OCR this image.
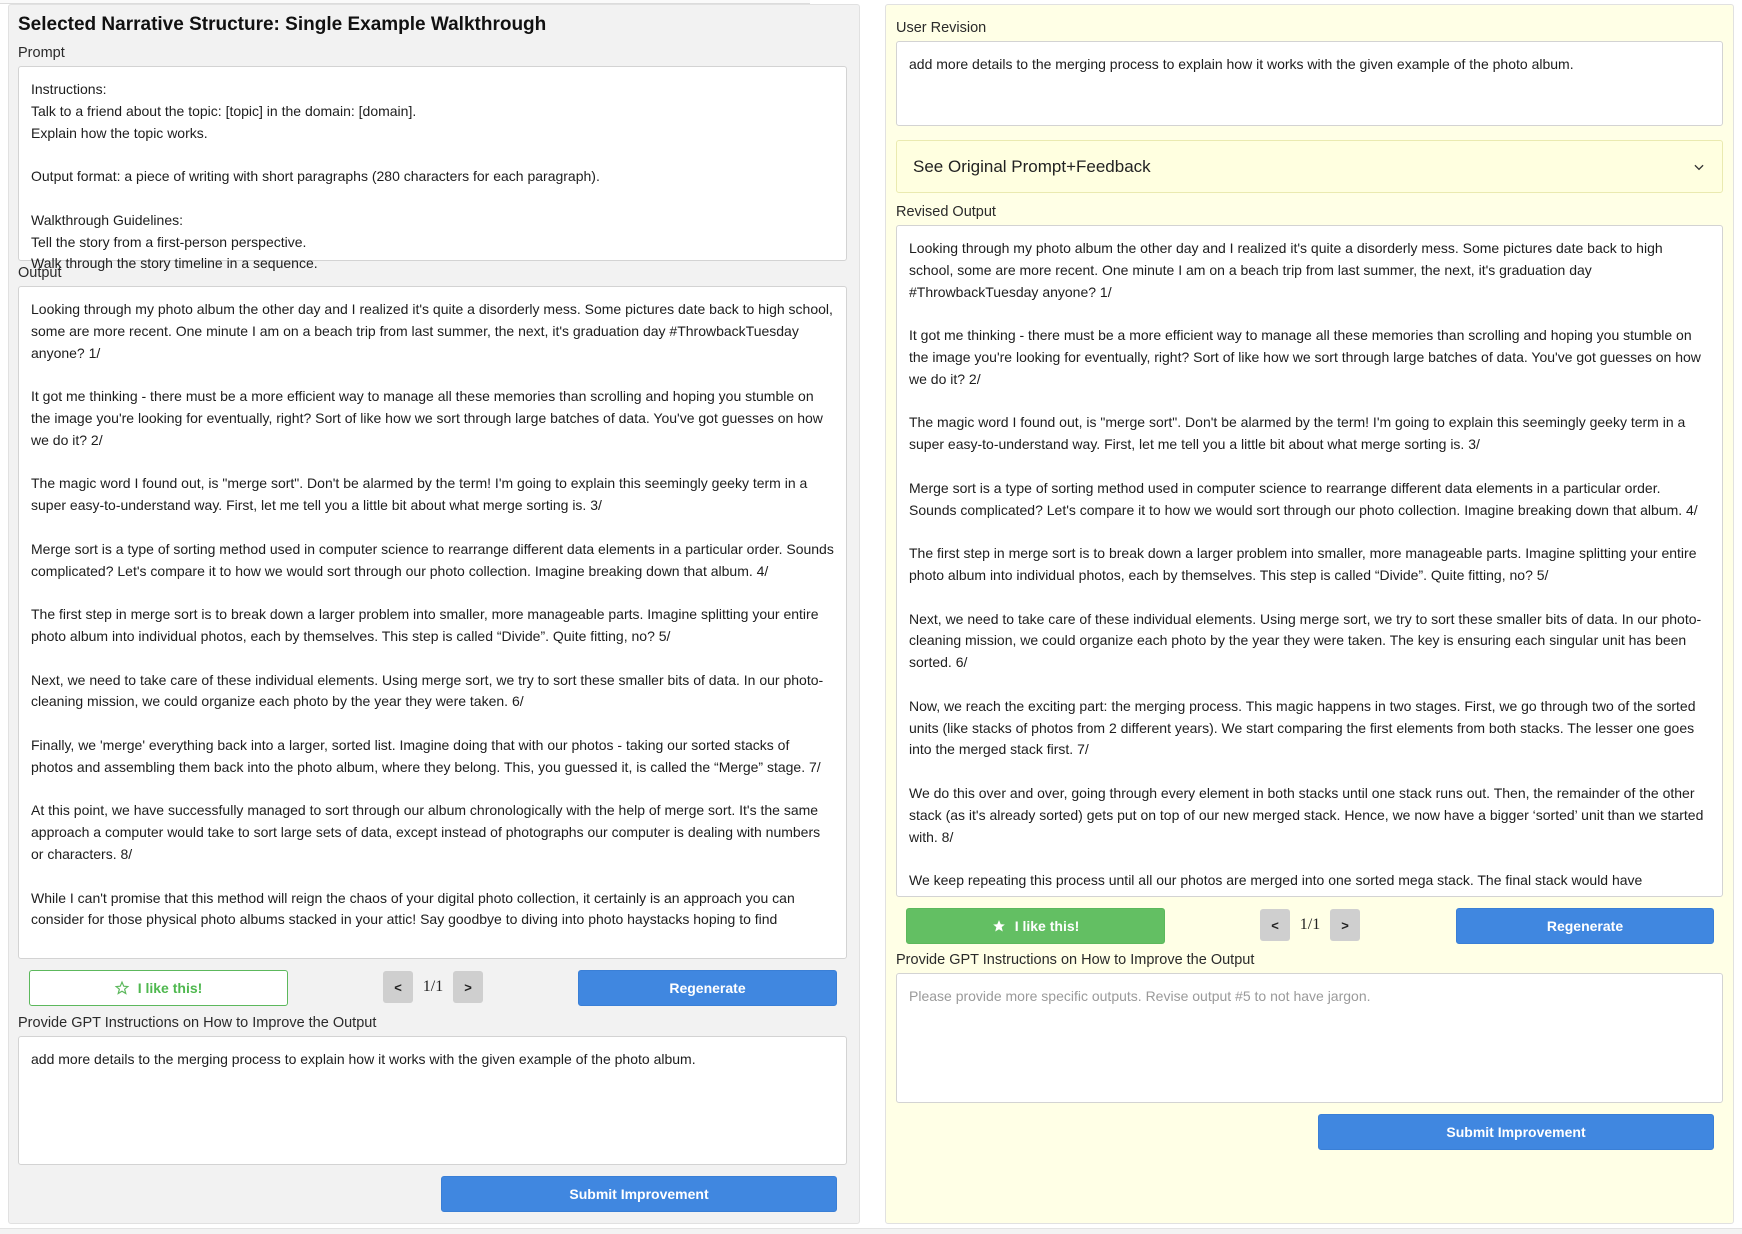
Selected Narrative Structure: Single Example Walkthrough
Prompt
Instructions:
Talk to a friend about the topic: [topic] in the domain: [domain].
Explain how the topic works.
Output format: a piece of writing with short paragraphs (280 characters for each paragraph).
Walkthrough Guidelines:
Tell the story from a first-person perspective.
Walk through the story timeline in a sequence.
Output

Looking through my photo album the other day and I realized it's quite a disorderly mess. Some pictures date back to high school, some are more recent. One minute I am on a beach trip from last summer, the next, it's graduation day #ThrowbackTuesday anyone? 1/

It got me thinking - there must be a more efficient way to manage all these memories than scrolling and hoping you stumble on the image you're looking for eventually, right? Sort of like how we sort through large batches of data. You've got guesses on how we do it? 2/

The magic word I found out, is "merge sort". Don't be alarmed by the term! I'm going to explain this seemingly geeky term in a super easy-to-understand way. First, let me tell you a little bit about what merge sorting is. 3/

Merge sort is a type of sorting method used in computer science to rearrange different data elements in a particular order. Sounds complicated? Let's compare it to how we would sort through our photo collection. Imagine breaking down that album. 4/

The first step in merge sort is to break down a larger problem into smaller, more manageable parts. Imagine splitting your entire photo album into individual photos, each by themselves. This step is called “Divide”. Quite fitting, no? 5/

Next, we need to take care of these individual elements. Using merge sort, we try to sort these smaller bits of data. In our photo-cleaning mission, we could organize each photo by the year they were taken. 6/

Finally, we 'merge' everything back into a larger, sorted list. Imagine doing that with our photos - taking our sorted stacks of photos and assembling them back into the photo album, where they belong. This, you guessed it, is called the “Merge” stage. 7/

At this point, we have successfully managed to sort through our album chronologically with the help of merge sort. It's the same approach a computer would take to sort large sets of data, except instead of photographs our computer is dealing with numbers or characters. 8/

While I can't promise that this method will reign the chaos of your digital photo collection, it certainly is an approach you can consider for those physical photo albums stacked in your attic! Say goodbye to diving into photo haystacks hoping to find

I like this!	<	1/1	>	Regenerate
Provide GPT Instructions on How to Improve the Output
add more details to the merging process to explain how it works with the given example of the photo album.
Submit Improvement
User Revision
add more details to the merging process to explain how it works with the given example of the photo album.
See Original Prompt+Feedback
Revised Output

Looking through my photo album the other day and I realized it's quite a disorderly mess. Some pictures date back to high school, some are more recent. One minute I am on a beach trip from last summer, the next, it's graduation day #ThrowbackTuesday anyone? 1/

It got me thinking - there must be a more efficient way to manage all these memories than scrolling and hoping you stumble on the image you're looking for eventually, right? Sort of like how we sort through large batches of data. You've got guesses on how we do it? 2/

The magic word I found out, is "merge sort". Don't be alarmed by the term! I'm going to explain this seemingly geeky term in a super easy-to-understand way. First, let me tell you a little bit about what merge sorting is. 3/

Merge sort is a type of sorting method used in computer science to rearrange different data elements in a particular order. Sounds complicated? Let's compare it to how we would sort through our photo collection. Imagine breaking down that album. 4/

The first step in merge sort is to break down a larger problem into smaller, more manageable parts. Imagine splitting your entire photo album into individual photos, each by themselves. This step is called “Divide”. Quite fitting, no? 5/

Next, we need to take care of these individual elements. Using merge sort, we try to sort these smaller bits of data. In our photo-cleaning mission, we could organize each photo by the year they were taken. The key is ensuring each singular unit has been sorted. 6/

Now, we reach the exciting part: the merging process. This magic happens in two stages. First, we go through two of the sorted units (like stacks of photos from 2 different years). We start comparing the first elements from both stacks. The lesser one goes into the merged stack first. 7/

We do this over and over, going through every element in both stacks until one stack runs out. Then, the remainder of the other stack (as it's already sorted) gets put on top of our new merged stack. Hence, we now have a bigger ‘sorted’ unit than we started with. 8/

We keep repeating this process until all our photos are merged into one sorted mega stack. The final stack would have

I like this!	<	1/1	>	Regenerate
Provide GPT Instructions on How to Improve the Output
Please provide more specific outputs. Revise output #5 to not have jargon.
Submit Improvement
